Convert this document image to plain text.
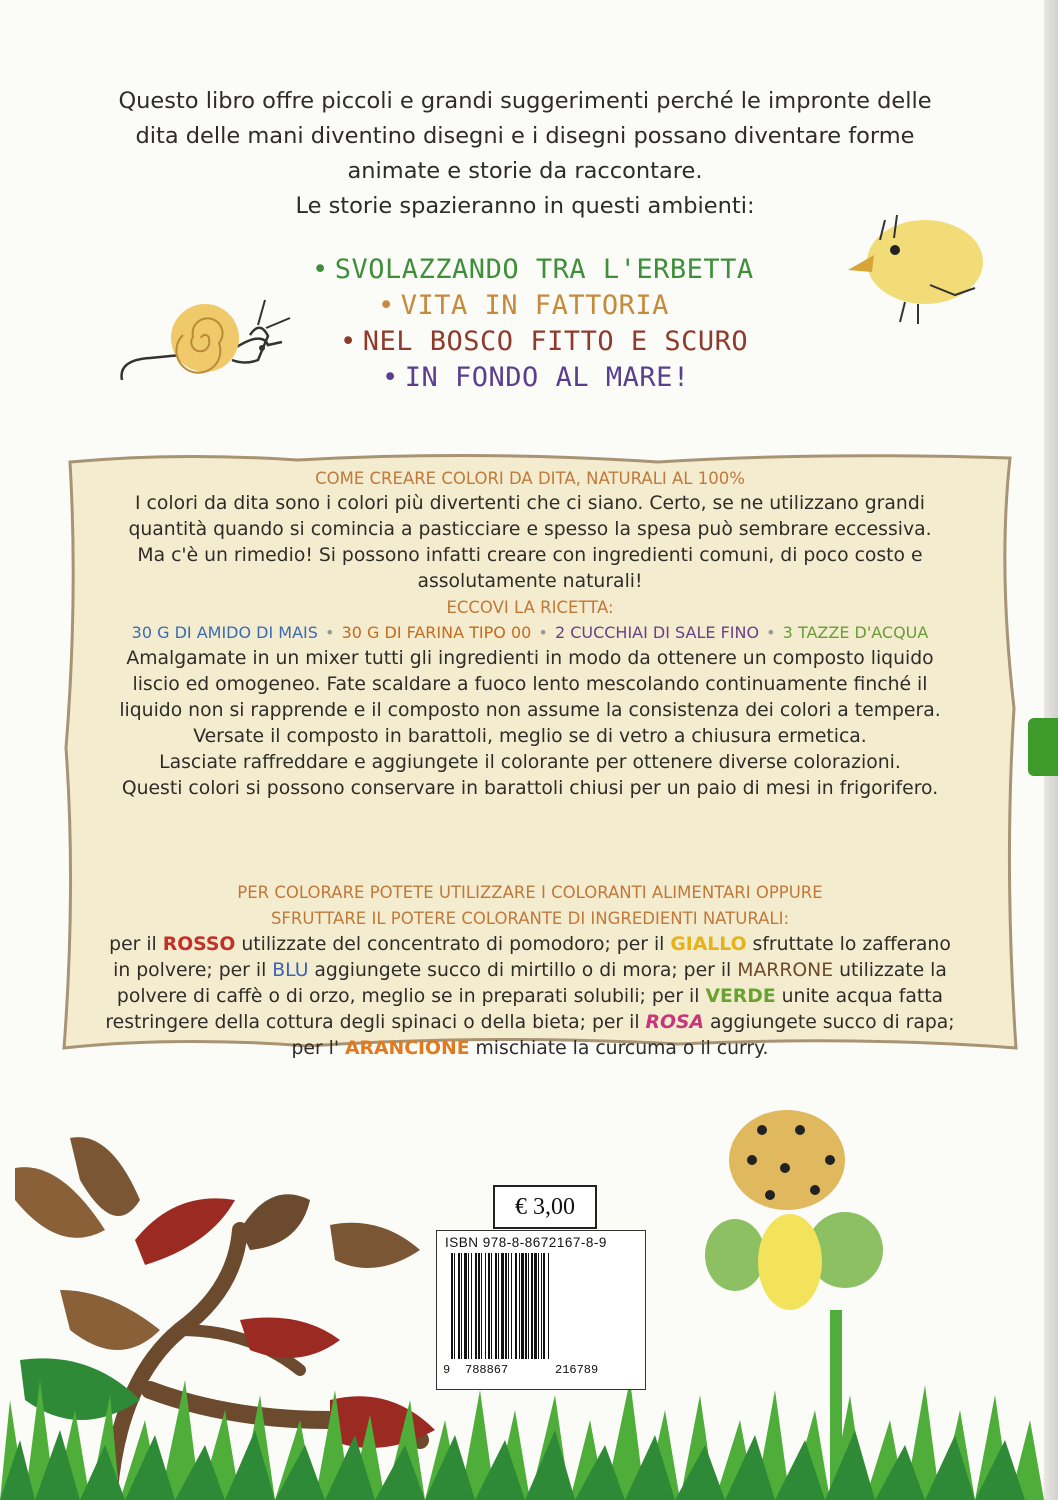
Questo libro offre piccoli e grandi suggerimenti perché le impronte delle

dita delle mani diventino disegni e i disegni possano diventare forme

animate e storie da raccontare.

Le storie spazieranno in questi ambienti:

• SVOLAZZANDO TRA L'ERBETTA
• VITA IN FATTORIA
• NEL BOSCO FITTO E SCURO
• IN FONDO AL MARE!
COME CREARE COLORI DA DITA, NATURALI AL 100%
I colori da dita sono i colori più divertenti che ci siano. Certo, se ne utilizzano grandi
quantità quando si comincia a pasticciare e spesso la spesa può sembrare eccessiva.
Ma c'è un rimedio! Si possono infatti creare con ingredienti comuni, di poco costo e
assolutamente naturali!
ECCOVI LA RICETTA:
30 G DI AMIDO DI MAIS • 30 G DI FARINA TIPO 00 • 2 CUCCHIAI DI SALE FINO • 3 TAZZE D'ACQUA
Amalgamate in un mixer tutti gli ingredienti in modo da ottenere un composto liquido
liscio ed omogeneo. Fate scaldare a fuoco lento mescolando continuamente finché il
liquido non si rapprende e il composto non assume la consistenza dei colori a tempera.
Versate il composto in barattoli, meglio se di vetro a chiusura ermetica.
Lasciate raffreddare e aggiungete il colorante per ottenere diverse colorazioni.
Questi colori si possono conservare in barattoli chiusi per un paio di mesi in frigorifero.
PER COLORARE POTETE UTILIZZARE I COLORANTI ALIMENTARI OPPURE
SFRUTTARE IL POTERE COLORANTE DI INGREDIENTI NATURALI:
per il ROSSO utilizzate del concentrato di pomodoro; per il GIALLO sfruttate lo zafferano in polvere; per il BLU aggiungete succo di mirtillo o di mora; per il MARRONE utilizzate la polvere di caffè o di orzo, meglio se in preparati solubili; per il VERDE unite acqua fatta restringere della cottura degli spinaci o della bieta; per il ROSA aggiungete succo di rapa; per l' ARANCIONE mischiate la curcuma o il curry.
€ 3,00
ISBN 978-8-8672167-8-9
9 788867	216789
